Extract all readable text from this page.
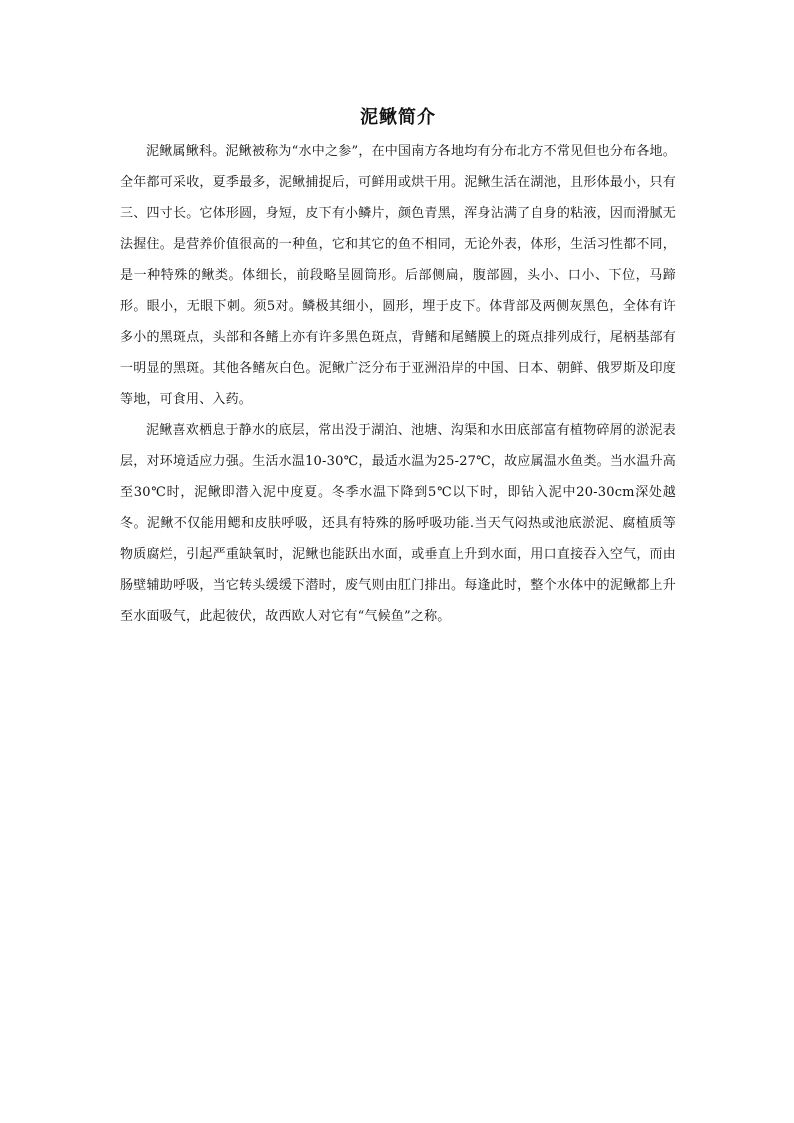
泥鳅简介

泥鳅属鳅科。泥鳅被称为“水中之参”，在中国南方各地均有分布北方不常见但也分布各地。全年都可采收，夏季最多，泥鳅捕捉后，可鲜用或烘干用。泥鳅生活在湖池，且形体最小，只有三、四寸长。它体形圆，身短，皮下有小鳞片，颜色青黑，浑身沾满了自身的粘液，因而滑腻无法握住。是营养价值很高的一种鱼，它和其它的鱼不相同，无论外表，体形，生活习性都不同，是一种特殊的鳅类。体细长，前段略呈圆筒形。后部侧扁，腹部圆，头小、口小、下位，马蹄形。眼小，无眼下刺。须5对。鳞极其细小，圆形，埋于皮下。体背部及两侧灰黑色，全体有许多小的黑斑点，头部和各鳍上亦有许多黑色斑点，背鳍和尾鳍膜上的斑点排列成行，尾柄基部有一明显的黑斑。其他各鳍灰白色。泥鳅广泛分布于亚洲沿岸的中国、日本、朝鲜、俄罗斯及印度等地，可食用、入药。

泥鳅喜欢栖息于静水的底层，常出没于湖泊、池塘、沟渠和水田底部富有植物碎屑的淤泥表层，对环境适应力强。生活水温10-30℃，最适水温为25-27℃，故应属温水鱼类。当水温升高至30℃时，泥鳅即潜入泥中度夏。冬季水温下降到5℃以下时，即钻入泥中20-30cm深处越冬。泥鳅不仅能用鳃和皮肤呼吸，还具有特殊的肠呼吸功能.当天气闷热或池底淤泥、腐植质等物质腐烂，引起严重缺氧时，泥鳅也能跃出水面，或垂直上升到水面，用口直接吞入空气，而由肠壁辅助呼吸，当它转头缓缓下潜时，废气则由肛门排出。每逢此时，整个水体中的泥鳅都上升至水面吸气，此起彼伏，故西欧人对它有“气候鱼”之称。
